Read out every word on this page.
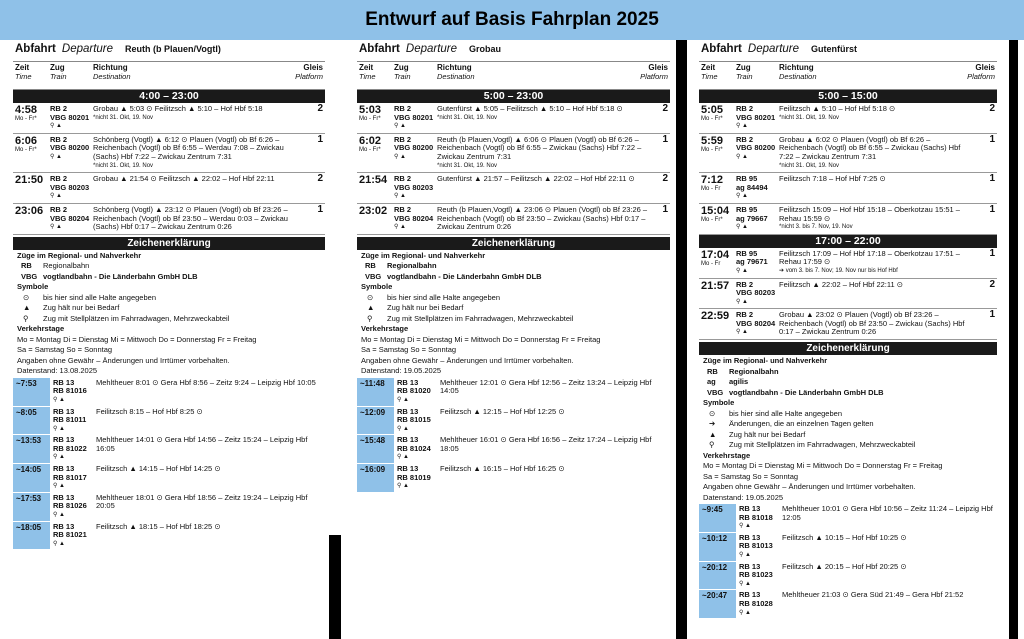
Entwurf auf Basis Fahrplan 2025
Abfahrt Departure Reuth (b Plauen/Vogtl)
Zeit
Time
Zug
Train
Richtung
Destination
Gleis
Platform
4:00 – 23:00
4:58
Mo - Fr*
RB 2
VBG 80201
⚲ ▲
Grobau ▲ 5:03 ⊙ Feilitzsch ▲ 5:10 – Hof Hbf 5:18
*nicht 31. Okt, 19. Nov
2
6:06
Mo - Fr*
RB 2
VBG 80200
⚲ ▲
Schönberg (Vogtl) ▲ 6:12 ⊙ Plauen (Vogtl) ob Bf 6:26 – Reichenbach (Vogtl) ob Bf 6:55 – Werdau 7:08 – Zwickau (Sachs) Hbf 7:22 – Zwickau Zentrum 7:31
*nicht 31. Okt, 19. Nov
1
21:50 RB 2
VBG 80203
⚲ ▲
Grobau ▲ 21:54 ⊙ Feilitzsch ▲ 22:02 – Hof Hbf 22:11	2
23:06 RB 2
VBG 80204
⚲ ▲
Schönberg (Vogtl) ▲ 23:12 ⊙ Plauen (Vogtl) ob Bf 23:26 – Reichenbach (Vogtl) ob Bf 23:50 – Werdau 0:03 – Zwickau (Sachs) Hbf 0:17 – Zwickau Zentrum 0:26
1
Zeichenerklärung
Züge im Regional- und Nahverkehr
RB	Regionalbahn
VBG vogtlandbahn - Die Länderbahn GmbH DLB
Symbole
⊙	bis hier sind alle Halte angegeben
▲	Zug hält nur bei Bedarf
⚲	Zug mit Stellplätzen im Fahrradwagen, Mehrzweckabteil
Verkehrstage
Mo = Montag Di = Dienstag Mi = Mittwoch Do = Donnerstag Fr = Freitag
Sa = Samstag So = Sonntag
Angaben ohne Gewähr – Änderungen und Irrtümer vorbehalten.
Datenstand: 13.08.2025
~7:53	RB 13
RB 81016
⚲ ▲
Mehltheuer 8:01 ⊙ Gera Hbf 8:56 – Zeitz 9:24 – Leipzig Hbf 10:05
~8:05	RB 13
RB 81011
⚲ ▲
Feilitzsch 8:15 – Hof Hbf 8:25 ⊙
~13:53	RB 13
RB 81022
⚲ ▲
Mehltheuer 14:01 ⊙ Gera Hbf 14:56 – Zeitz 15:24 – Leipzig Hbf 16:05
~14:05	RB 13
RB 81017
⚲ ▲
Feilitzsch ▲ 14:15 – Hof Hbf 14:25 ⊙
~17:53	RB 13
RB 81026
⚲ ▲
Mehltheuer 18:01 ⊙ Gera Hbf 18:56 – Zeitz 19:24 – Leipzig Hbf 20:05
~18:05	RB 13
RB 81021
⚲ ▲
Feilitzsch ▲ 18:15 – Hof Hbf 18:25 ⊙
Abfahrt Departure Grobau
Zeit
Time
Zug
Train
Richtung
Destination
Gleis
Platform
5:00 – 23:00
5:03
Mo - Fr*
RB 2
VBG 80201
⚲ ▲
Gutenfürst ▲ 5:05 – Feilitzsch ▲ 5:10 – Hof Hbf 5:18 ⊙
*nicht 31. Okt, 19. Nov
2
6:02
Mo - Fr*
RB 2
VBG 80200
⚲ ▲
Reuth (b Plauen,Vogtl) ▲ 6:06 ⊙ Plauen (Vogtl) ob Bf 6:26 – Reichenbach (Vogtl) ob Bf 6:55 – Zwickau (Sachs) Hbf 7:22 – Zwickau Zentrum 7:31
*nicht 31. Okt, 19. Nov
1
21:54 RB 2
VBG 80203
⚲ ▲
Gutenfürst ▲ 21:57 – Feilitzsch ▲ 22:02 – Hof Hbf 22:11 ⊙	2
23:02 RB 2
VBG 80204
⚲ ▲
Reuth (b Plauen,Vogtl) ▲ 23:06 ⊙ Plauen (Vogtl) ob Bf 23:26 – Reichenbach (Vogtl) ob Bf 23:50 – Zwickau (Sachs) Hbf 0:17 – Zwickau Zentrum 0:26
1
Zeichenerklärung
Züge im Regional- und Nahverkehr
RB	Regionalbahn
VBG vogtlandbahn - Die Länderbahn GmbH DLB
Symbole
⊙	bis hier sind alle Halte angegeben
▲	Zug hält nur bei Bedarf
⚲	Zug mit Stellplätzen im Fahrradwagen, Mehrzweckabteil
Verkehrstage
Mo = Montag Di = Dienstag Mi = Mittwoch Do = Donnerstag Fr = Freitag
Sa = Samstag So = Sonntag
Angaben ohne Gewähr – Änderungen und Irrtümer vorbehalten.
Datenstand: 19.05.2025
~11:48	RB 13
RB 81020
⚲ ▲
Mehltheuer 12:01 ⊙ Gera Hbf 12:56 – Zeitz 13:24 – Leipzig Hbf 14:05
~12:09	RB 13
RB 81015
⚲ ▲
Feilitzsch ▲ 12:15 – Hof Hbf 12:25 ⊙
~15:48	RB 13
RB 81024
⚲ ▲
Mehltheuer 16:01 ⊙ Gera Hbf 16:56 – Zeitz 17:24 – Leipzig Hbf 18:05
~16:09	RB 13
RB 81019
⚲ ▲
Feilitzsch ▲ 16:15 – Hof Hbf 16:25 ⊙
Abfahrt Departure Gutenfürst
Zeit
Time
Zug
Train
Richtung
Destination
Gleis
Platform
5:00 – 15:00
5:05
Mo - Fr*
RB 2
VBG 80201
⚲ ▲
Feilitzsch ▲ 5:10 – Hof Hbf 5:18 ⊙
*nicht 31. Okt, 19. Nov
2
5:59
Mo - Fr*
RB 2
VBG 80200
⚲ ▲
Grobau ▲ 6:02 ⊙ Plauen (Vogtl) ob Bf 6:26 – Reichenbach (Vogtl) ob Bf 6:55 – Zwickau (Sachs) Hbf 7:22 – Zwickau Zentrum 7:31
*nicht 31. Okt, 19. Nov
1
7:12
Mo - Fr
RB 95
ag 84494
⚲ ▲
Feilitzsch 7:18 – Hof Hbf 7:25 ⊙	1
15:04
Mo - Fr*
RB 95
ag 79667
⚲ ▲
Feilitzsch 15:09 – Hof Hbf 15:18 – Oberkotzau 15:51 – Rehau 15:59 ⊙
*nicht 3. bis 7. Nov, 19. Nov
1
17:00 – 22:00
17:04
Mo - Fr
RB 95
ag 79671
⚲ ▲
Feilitzsch 17:09 – Hof Hbf 17:18 – Oberkotzau 17:51 – Rehau 17:59 ⊙
➔ vom 3. bis 7. Nov; 19. Nov nur bis Hof Hbf
1
21:57 RB 2
VBG 80203
⚲ ▲
Feilitzsch ▲ 22:02 – Hof Hbf 22:11 ⊙	2
22:59 RB 2
VBG 80204
⚲ ▲
Grobau ▲ 23:02 ⊙ Plauen (Vogtl) ob Bf 23:26 – Reichenbach (Vogtl) ob Bf 23:50 – Zwickau (Sachs) Hbf 0:17 – Zwickau Zentrum 0:26
1
Zeichenerklärung
Züge im Regional- und Nahverkehr
RB	Regionalbahn
ag	agilis
VBG vogtlandbahn - Die Länderbahn GmbH DLB
Symbole
⊙	bis hier sind alle Halte angegeben
➔	Änderungen, die an einzelnen Tagen gelten
▲	Zug hält nur bei Bedarf
⚲	Zug mit Stellplätzen im Fahrradwagen, Mehrzweckabteil
Verkehrstage
Mo = Montag Di = Dienstag Mi = Mittwoch Do = Donnerstag Fr = Freitag
Sa = Samstag So = Sonntag
Angaben ohne Gewähr – Änderungen und Irrtümer vorbehalten.
Datenstand: 19.05.2025
~9:45	RB 13
RB 81018
⚲ ▲
Mehltheuer 10:01 ⊙ Gera Hbf 10:56 – Zeitz 11:24 – Leipzig Hbf 12:05
~10:12	RB 13
RB 81013
⚲ ▲
Feilitzsch ▲ 10:15 – Hof Hbf 10:25 ⊙
~20:12	RB 13
RB 81023
⚲ ▲
Feilitzsch ▲ 20:15 – Hof Hbf 20:25 ⊙
~20:47	RB 13
RB 81028
⚲ ▲
Mehltheuer 21:03 ⊙ Gera Süd 21:49 – Gera Hbf 21:52
